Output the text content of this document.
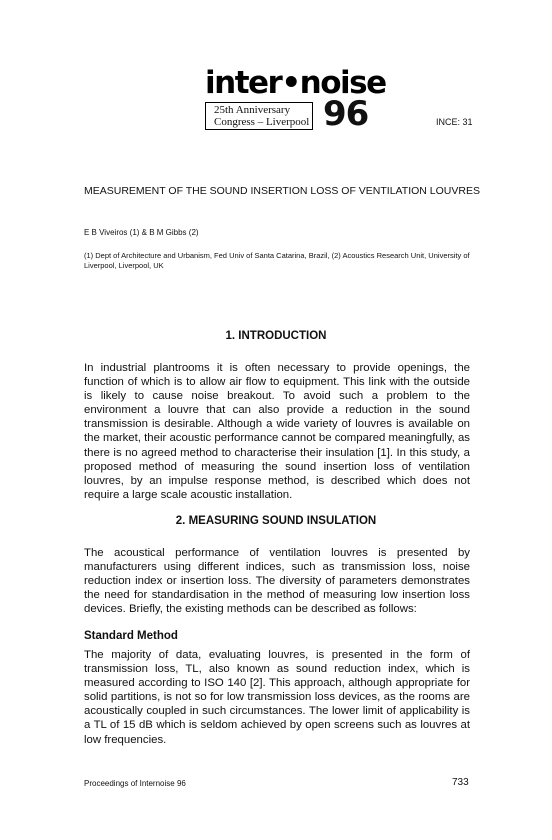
inter•noise
25th Anniversary
Congress – Liverpool 96	INCE: 31
MEASUREMENT OF THE SOUND INSERTION LOSS OF VENTILATION LOUVRES
E B Viveiros (1) & B M Gibbs (2)
(1) Dept of Architecture and Urbanism, Fed Univ of Santa Catarina, Brazil, (2) Acoustics Research Unit, University of Liverpool, Liverpool, UK
1. INTRODUCTION
In industrial plantrooms it is often necessary to provide openings, the function of which is to allow air flow to equipment. This link with the outside is likely to cause noise breakout. To avoid such a problem to the environment a louvre that can also provide a reduction in the sound transmission is desirable. Although a wide variety of louvres is available on the market, their acoustic performance cannot be compared meaningfully, as there is no agreed method to characterise their insulation [1]. In this study, a proposed method of measuring the sound insertion loss of ventilation louvres, by an impulse response method, is described which does not require a large scale acoustic installation.
2. MEASURING SOUND INSULATION
The acoustical performance of ventilation louvres is presented by manufacturers using different indices, such as transmission loss, noise reduction index or insertion loss. The diversity of parameters demonstrates the need for standardisation in the method of measuring low insertion loss devices. Briefly, the existing methods can be described as follows:
Standard Method
The majority of data, evaluating louvres, is presented in the form of transmission loss, TL, also known as sound reduction index, which is measured according to ISO 140 [2]. This approach, although appropriate for solid partitions, is not so for low transmission loss devices, as the rooms are acoustically coupled in such circumstances. The lower limit of applicability is a TL of 15 dB which is seldom achieved by open screens such as louvres at low frequencies.
Proceedings of Internoise 96	733
